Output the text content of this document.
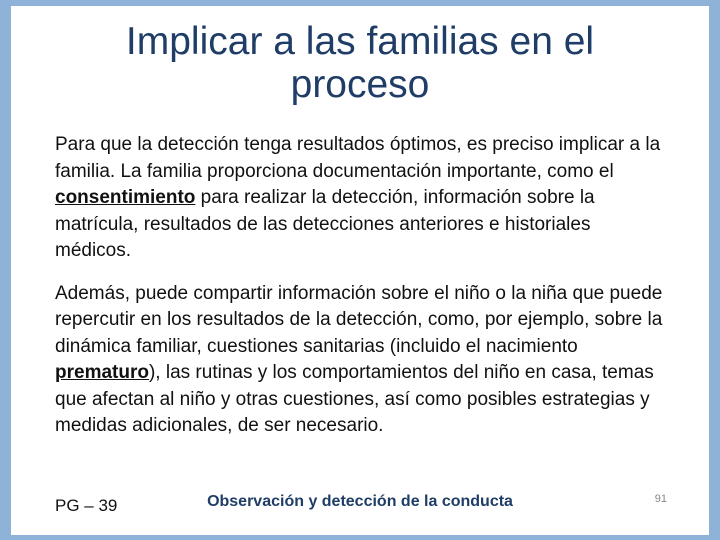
Implicar a las familias en el
proceso

Para que la detección tenga resultados óptimos, es preciso implicar a la familia. La familia proporciona documentación importante, como el consentimiento para realizar la detección, información sobre la matrícula, resultados de las detecciones anteriores e historiales médicos.

Además, puede compartir información sobre el niño o la niña que puede repercutir en los resultados de la detección, como, por ejemplo, sobre la dinámica familiar, cuestiones sanitarias (incluido el nacimiento prematuro), las rutinas y los comportamientos del niño en casa, temas que afectan al niño y otras cuestiones, así como posibles estrategias y medidas adicionales, de ser necesario.

PG – 39	Observación y detección de la conducta	91
